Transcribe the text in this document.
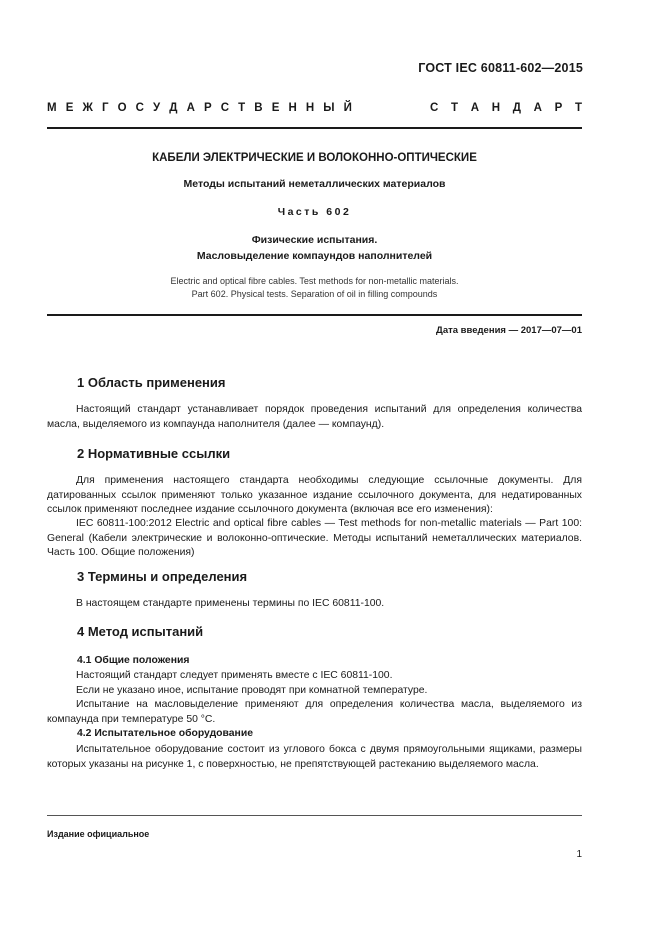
ГОСТ IEC 60811-602—2015
М Е Ж Г О С У Д А Р С Т В Е Н Н Ы Й	С Т А Н Д А Р Т
КАБЕЛИ ЭЛЕКТРИЧЕСКИЕ И ВОЛОКОННО-ОПТИЧЕСКИЕ
Методы испытаний неметаллических материалов
Часть 602
Физические испытания.
Масловыделение компаундов наполнителей
Electric and optical fibre cables. Test methods for non-metallic materials.
Part 602. Physical tests. Separation of oil in filling compounds
Дата введения — 2017—07—01
1 Область применения
Настоящий стандарт устанавливает порядок проведения испытаний для определения количества масла, выделяемого из компаунда наполнителя (далее — компаунд).
2 Нормативные ссылки
Для применения настоящего стандарта необходимы следующие ссылочные документы. Для датированных ссылок применяют только указанное издание ссылочного документа, для недатированных ссылок применяют последнее издание ссылочного документа (включая все его изменения):
IEC 60811-100:2012 Electric and optical fibre cables — Test methods for non-metallic materials — Part 100: General (Кабели электрические и волоконно-оптические. Методы испытаний неметаллических материалов. Часть 100. Общие положения)
3 Термины и определения
В настоящем стандарте применены термины по IEC 60811-100.
4 Метод испытаний
4.1 Общие положения
Настоящий стандарт следует применять вместе с IEC 60811-100.
Если не указано иное, испытание проводят при комнатной температуре.
Испытание на масловыделение применяют для определения количества масла, выделяемого из компаунда при температуре 50 °С.
4.2 Испытательное оборудование
Испытательное оборудование состоит из углового бокса с двумя прямоугольными ящиками, размеры которых указаны на рисунке 1, с поверхностью, не препятствующей растеканию выделяемого масла.
Издание официальное
1
